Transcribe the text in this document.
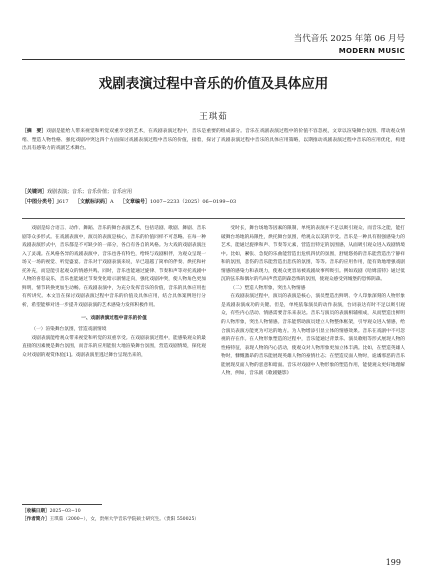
当代音乐 2025 年第 06 月号
MODERN MUSIC
戏剧表演过程中音乐的价值及具体应用
王琪茹
［摘　要］戏剧是能给人带来视觉和听觉双重享受的艺术，在戏剧表演过程中，音乐是重要的组成部分。音乐在戏剧表演过程中的价值不容忽视，文章以渲染舞台氛围、带动观众情绪、塑造人物性格、强化戏剧冲突这四个方面探讨戏剧表演过程中音乐的价值，接着，探讨了戏剧表演过程中音乐的具体应用策略，以期推动戏剧表演过程中音乐的应用优化，构建出具有感染力的戏剧艺术舞台。
［关键词］戏剧表演；音乐；音乐价值；音乐应用
［中图分类号］J617 ［文献标识码］A ［文章编号］1007−2233（2025）06−0199−03

戏剧是综合语言、动作、舞蹈、音乐的舞台表演艺术，包括话剧、歌剧、舞剧、音乐剧等众多形式。在戏剧表演中，演员的表演是核心，音乐的价值同样不可忽略。在每一种戏剧表演形式中，音乐都是不可缺少的一部分，各自有各自的风格。为大戏的戏剧表演注入了灵魂。在风格各异的戏剧表演中，音乐也各有特色，给终与戏剧相伴，为观众呈现一场又一场的视觉、听觉盛宴。音乐对于戏剧表演来说，早已超越了简单的伴奏、烘托和衬托补充，而是能引起观众的情感共鸣。同时，音乐也能通过旋律、节奏和声等对托戏剧中人物的喜怒哀乐，音乐也能通过节奏变化暗示剧情走向，强化戏剧冲突，使人物角色更加鲜明，情节转换更加生动畅。在戏剧表演中，为充分发挥音乐的价值，音乐的具体应用也有所讲究。本文旨在探讨戏剧表演过程中音乐的价值及具体应用，结合具体案例进行分析，希望能够对进一步提升戏剧表演的艺术感染力发挥积极作用。

一、戏剧表演过程中音乐的价值

（一）渲染舞台氛围，营造戏剧情境

戏剧表演能给观众带来视觉和听觉的双重享受。在戏剧表演过程中，能感染观众的最直接的因素便是舞台氛围，而音乐的应用能很大地渲染舞台氛围，营造戏剧情境，探化观众对戏剧的观赏体验[1]。戏剧表演里逃过舞台呈现出来的，

受时长，舞台场地等因素的限制，单纯的表演并不足以吸引观众，而音乐之能，能打破舞台场地的局限性，烘托舞台氛围，给观众以美的享受。音乐是一种具有很强感染力的艺术，能通过旋律和声、节奏等元素，营造出特定的氛围感，从面吸引观众进入戏剧情境中。比如，紧张、急促的乐曲能营造出危机四伏的氛围，舒缓悠扬的音乐能营造出宁静祥和的氛围，悲伤的音乐能营造出悲伤的氛围，等等。音乐的应用作用，能有效地增强戏剧情感的感染力和表现力，使观众更容易被戏剧故事所吸引。例如戏剧《哈姆雷特》通过低沉的弦乐和偶尔的鸟叫声营造阴森恐怖的氛围，使观众感受到城堡的恐怖阴森。

（二）塑造人物形象，突出人物情感

在戏剧表演过程中，演员的表演是核心，演员塑造出鲜明、令人印象深刻的人物形象是戏剧表演成功的关键。但是，单纯依靠演员的动作表演，台词表达有时不足以吸引观众，有些内心活动、情感需要音乐来表达。音乐与演员的表演相辅相成，从而塑造出鲜明的人物形象，突出人物情感。音乐能帮助演员建立人物整体框架，引导观众进入情感，给合演员表演方能更为可达的地方。为人物增添引显立体的情感效果。音乐在戏剧中不可忽视的存在作。在人物形象塑造的过程中，音乐能通过背景乐、演员歌唱等形式展现人物的性格特征，表现人物的内心活动，使观众对人物形象更加立体丰满。比如，在塑造英雄人物时，慷慨激昂的音乐能展现英雄人物的豪情壮志；在塑造反面人物时，诡谲邪恶的音乐能展现反面人物的恶意和暗面。音乐对戏剧中人物形象的塑造作用，能使观众更好地理解人物，例如，音乐剧《歌剧魅影》

［收稿日期］2025−03−10
［作者简介］王琪茹（2000−），女，贵州大学音乐学院硕士研究生。（贵阳 550025）
199
